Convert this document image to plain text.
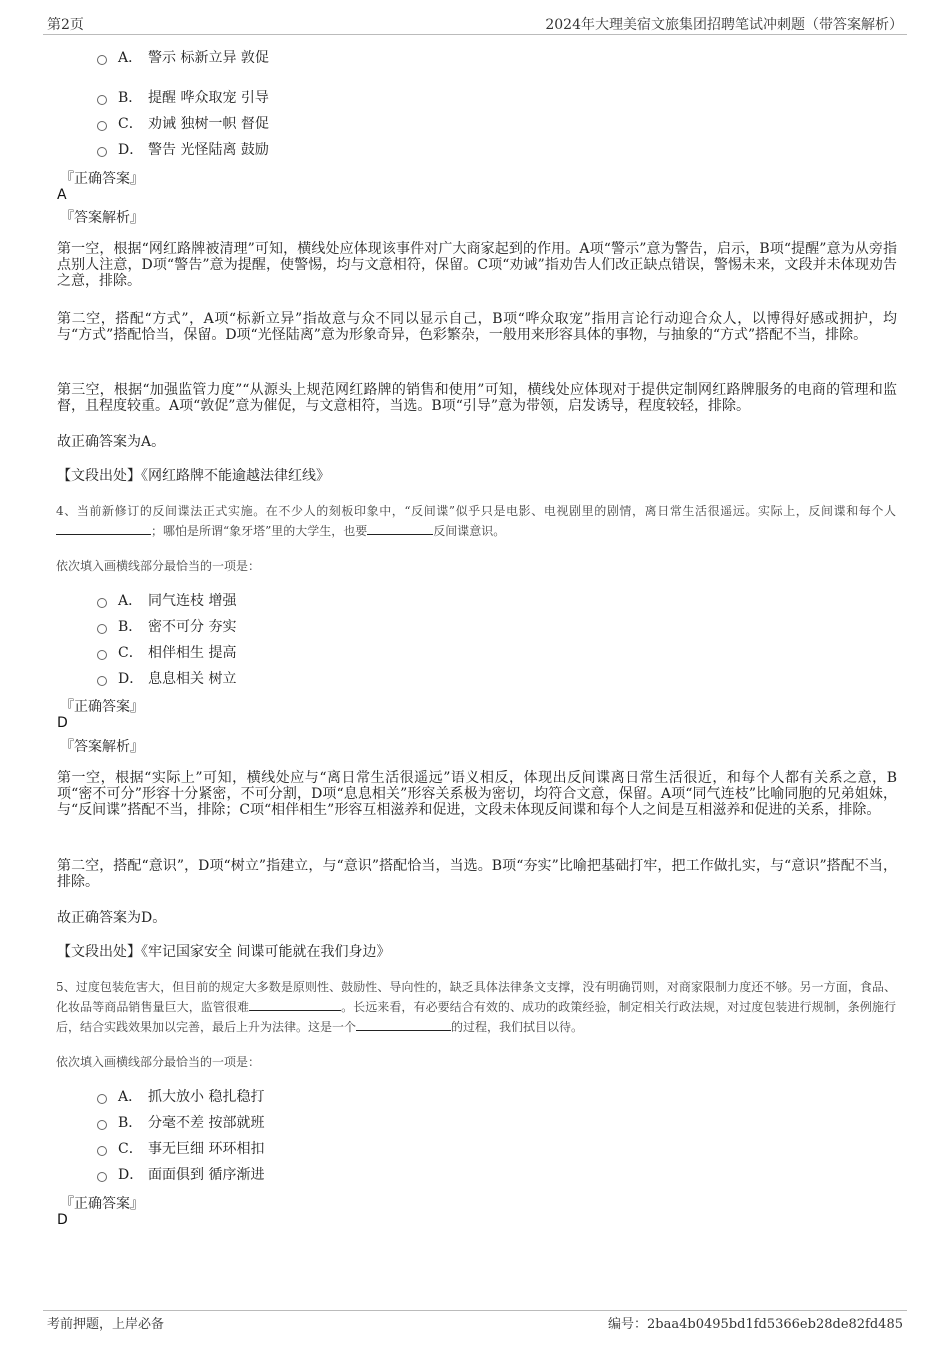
第2页	2024年大理美宿文旅集团招聘笔试冲刺题（带答案解析）
A． 警示 标新立异 敦促
B． 提醒 哗众取宠 引导
C． 劝诫 独树一帜 督促
D． 警告 光怪陆离 鼓励
『正确答案』
A
『答案解析』
第一空，根据“网红路牌被清理”可知，横线处应体现该事件对广大商家起到的作用。A项“警示”意为警告，启示，B项“提醒”意为从旁指点别人注意，D项“警告”意为提醒，使警惕，均与文意相符，保留。C项“劝诫”指劝告人们改正缺点错误，警惕未来，文段并未体现劝告之意，排除。
第二空，搭配“方式”，A项“标新立异”指故意与众不同以显示自己，B项“哗众取宠”指用言论行动迎合众人，以博得好感或拥护，均与“方式”搭配恰当，保留。D项“光怪陆离”意为形象奇异，色彩繁杂，一般用来形容具体的事物，与抽象的“方式”搭配不当，排除。
第三空，根据“加强监管力度”“从源头上规范网红路牌的销售和使用”可知，横线处应体现对于提供定制网红路牌服务的电商的管理和监督，且程度较重。A项“敦促”意为催促，与文意相符，当选。B项“引导”意为带领，启发诱导，程度较轻，排除。
故正确答案为A。
【文段出处】《网红路牌不能逾越法律红线》
4、当前新修订的反间谍法正式实施。在不少人的刻板印象中，“反间谍”似乎只是电影、电视剧里的剧情，离日常生活很遥远。实际上，反间谍和每个人；哪怕是所谓“象牙塔”里的大学生，也要	反间谍意识。
依次填入画横线部分最恰当的一项是：
A． 同气连枝 增强
B． 密不可分 夯实
C． 相伴相生 提高
D． 息息相关 树立
『正确答案』
D
『答案解析』
第一空，根据“实际上”可知，横线处应与“离日常生活很遥远”语义相反，体现出反间谍离日常生活很近，和每个人都有关系之意，B项“密不可分”形容十分紧密，不可分割，D项“息息相关”形容关系极为密切，均符合文意，保留。A项“同气连枝”比喻同胞的兄弟姐妹，与“反间谍”搭配不当，排除；C项“相伴相生”形容互相滋养和促进，文段未体现反间谍和每个人之间是互相滋养和促进的关系，排除。
第二空，搭配“意识”，D项“树立”指建立，与“意识”搭配恰当，当选。B项“夯实”比喻把基础打牢，把工作做扎实，与“意识”搭配不当，排除。
故正确答案为D。
【文段出处】《牢记国家安全 间谍可能就在我们身边》
5、过度包装危害大，但目前的规定大多数是原则性、鼓励性、导向性的，缺乏具体法律条文支撑，没有明确罚则，对商家限制力度还不够。另一方面，食品、化妆品等商品销售量巨大，监管很难	。长远来看，有必要结合有效的、成功的政策经验，制定相关行政法规，对过度包装进行规制，条例施行后，结合实践效果加以完善，最后上升为法律。这是一个	的过程，我们拭目以待。
依次填入画横线部分最恰当的一项是：
A． 抓大放小 稳扎稳打
B． 分毫不差 按部就班
C． 事无巨细 环环相扣
D． 面面俱到 循序渐进
『正确答案』
D
考前押题，上岸必备	编号：2baa4b0495bd1fd5366eb28de82fd485
